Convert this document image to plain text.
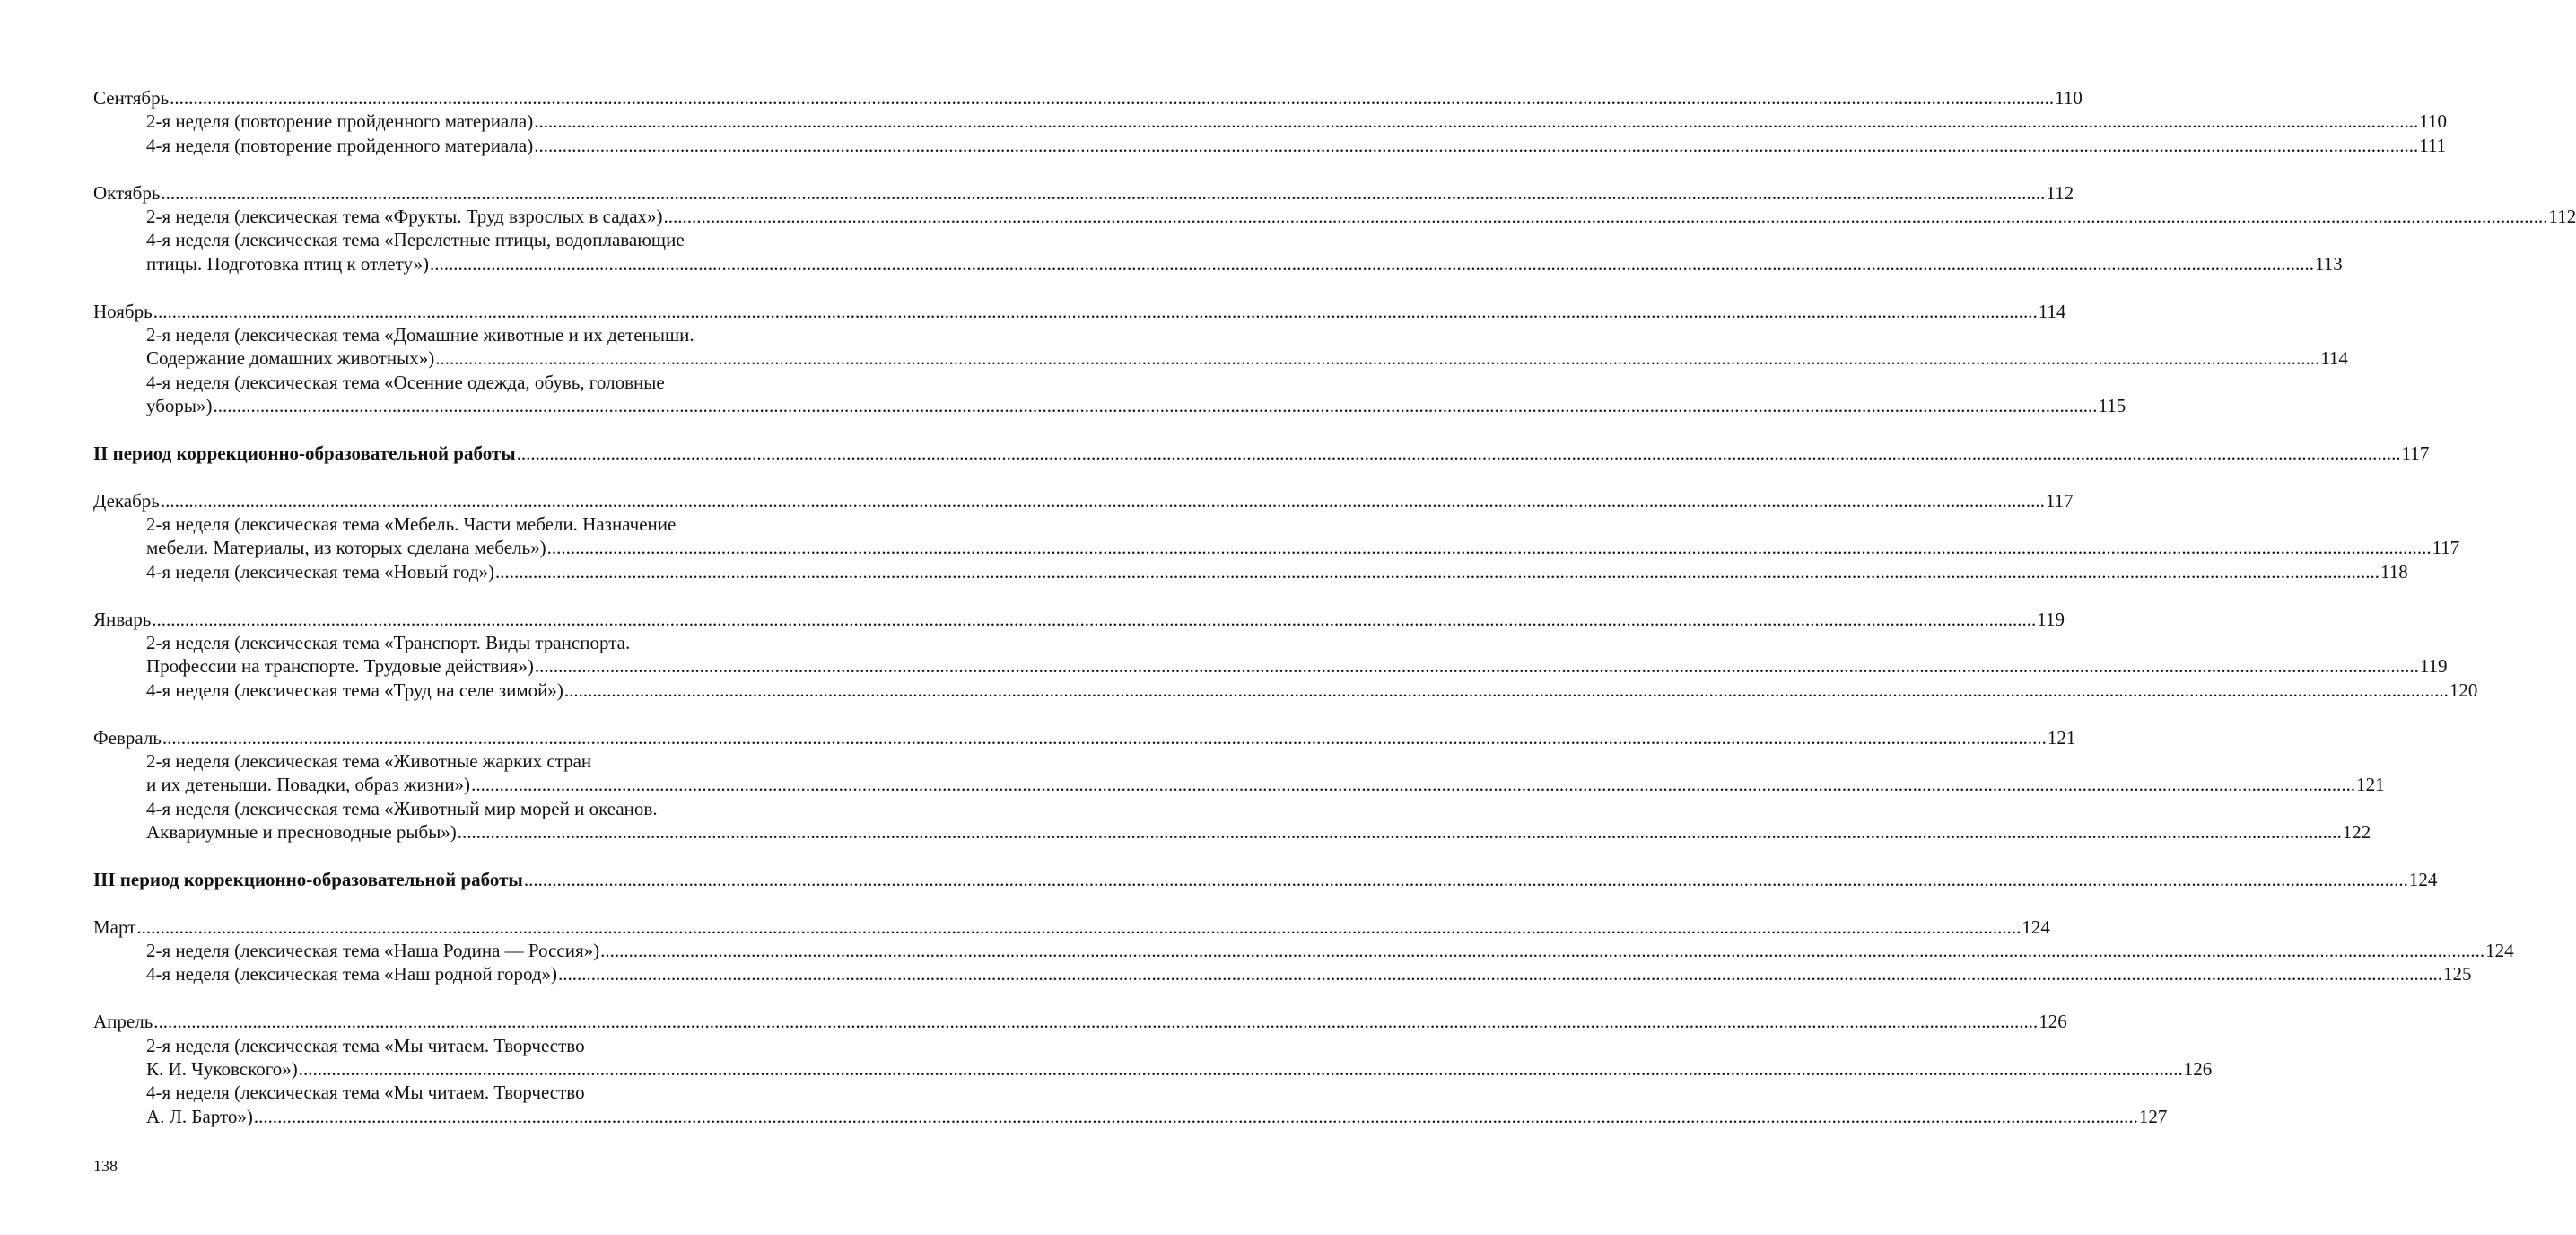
Сентябрь ................................................................................................................................................................................................................................................................................................................................................................................................................ 110
2-я неделя (повторение пройденного материала) ................................................................................................................................................................................................................................................................................................................................................................................................................ 110
4-я неделя (повторение пройденного материала) ................................................................................................................................................................................................................................................................................................................................................................................................................ 111
Октябрь ................................................................................................................................................................................................................................................................................................................................................................................................................ 112
2-я неделя (лексическая тема «Фрукты. Труд взрослых в садах») ................................................................................................................................................................................................................................................................................................................................................................................................................ 112
4-я неделя (лексическая тема «Перелетные птицы, водоплавающие
птицы. Подготовка птиц к отлету») ................................................................................................................................................................................................................................................................................................................................................................................................................ 113
Ноябрь ................................................................................................................................................................................................................................................................................................................................................................................................................ 114
2-я неделя (лексическая тема «Домашние животные и их детеныши.
Содержание домашних животных») ................................................................................................................................................................................................................................................................................................................................................................................................................ 114
4-я неделя (лексическая тема «Осенние одежда, обувь, головные
уборы») ................................................................................................................................................................................................................................................................................................................................................................................................................ 115
II период коррекционно-образовательной работы ................................................................................................................................................................................................................................................................................................................................................................................................................ 117
Декабрь ................................................................................................................................................................................................................................................................................................................................................................................................................ 117
2-я неделя (лексическая тема «Мебель. Части мебели. Назначение
мебели. Материалы, из которых сделана мебель») ................................................................................................................................................................................................................................................................................................................................................................................................................ 117
4-я неделя (лексическая тема «Новый год») ................................................................................................................................................................................................................................................................................................................................................................................................................ 118
Январь ................................................................................................................................................................................................................................................................................................................................................................................................................ 119
2-я неделя (лексическая тема «Транспорт. Виды транспорта.
Профессии на транспорте. Трудовые действия») ................................................................................................................................................................................................................................................................................................................................................................................................................ 119
4-я неделя (лексическая тема «Труд на селе зимой») ................................................................................................................................................................................................................................................................................................................................................................................................................ 120
Февраль ................................................................................................................................................................................................................................................................................................................................................................................................................ 121
2-я неделя (лексическая тема «Животные жарких стран
и их детеныши. Повадки, образ жизни») ................................................................................................................................................................................................................................................................................................................................................................................................................ 121
4-я неделя (лексическая тема «Животный мир морей и океанов.
Аквариумные и пресноводные рыбы») ................................................................................................................................................................................................................................................................................................................................................................................................................ 122
III период коррекционно-образовательной работы ................................................................................................................................................................................................................................................................................................................................................................................................................ 124
Март ................................................................................................................................................................................................................................................................................................................................................................................................................ 124
2-я неделя (лексическая тема «Наша Родина — Россия») ................................................................................................................................................................................................................................................................................................................................................................................................................ 124
4-я неделя (лексическая тема «Наш родной город») ................................................................................................................................................................................................................................................................................................................................................................................................................ 125
Апрель ................................................................................................................................................................................................................................................................................................................................................................................................................ 126
2-я неделя (лексическая тема «Мы читаем. Творчество
К. И. Чуковского») ................................................................................................................................................................................................................................................................................................................................................................................................................ 126
4-я неделя (лексическая тема «Мы читаем. Творчество
А. Л. Барто») ................................................................................................................................................................................................................................................................................................................................................................................................................ 127
138
